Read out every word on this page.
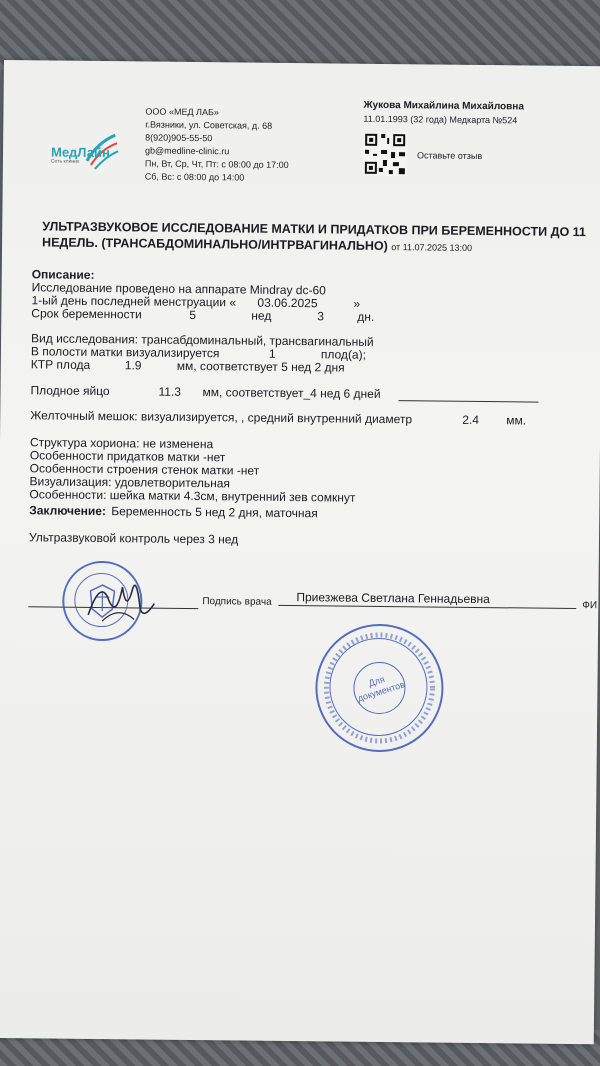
МедЛайн
Сеть клиник
ООО «МЕД ЛАБ»
г.Вязники, ул. Советская, д. 68
8(920)905-55-50
gb@medline-clinic.ru
Пн, Вт, Ср, Чт, Пт: с 08:00 до 17:00
Сб, Вс: с 08:00 до 14:00
Жукова Михайлина Михайловна
11.01.1993 (32 года) Медкарта №524
Оставьте отзыв
УЛЬТРАЗВУКОВОЕ ИССЛЕДОВАНИЕ МАТКИ И ПРИДАТКОВ ПРИ БЕРЕМЕННОСТИ ДО 11 НЕДЕЛЬ. (ТРАНСАБДОМИНАЛЬНО/ИНТРВАГИНАЛЬНО) от 11.07.2025 13:00
Описание:
Исследование проведено на аппарате Mindray dc-60
1-ый день последней менструации « 03.06.2025	»
Срок беременности	5	нед	3	дн.
Вид исследования: трансабдоминальный, трансвагинальный
В полости матки визуализируется	1	плод(а);
КТР плода	1.9	мм, соответствует 5 нед 2 дня
Плодное яйцо	11.3 мм, соответствует_4 нед 6 дней
Желточный мешок: визуализируется, , средний внутренний диаметр	2.4 мм.
Структура хориона: не изменена
Особенности придатков матки -нет
Особенности строения стенок матки -нет
Визуализация: удовлетворительная
Особенности: шейка матки 4.3см, внутренний зев сомкнут
Заключение: Беременность 5 нед 2 дня, маточная
Ультразвуковой контроль через 3 нед
Подпись врача Приезжева Светлана Геннадьевна	ФИ
Для документов
